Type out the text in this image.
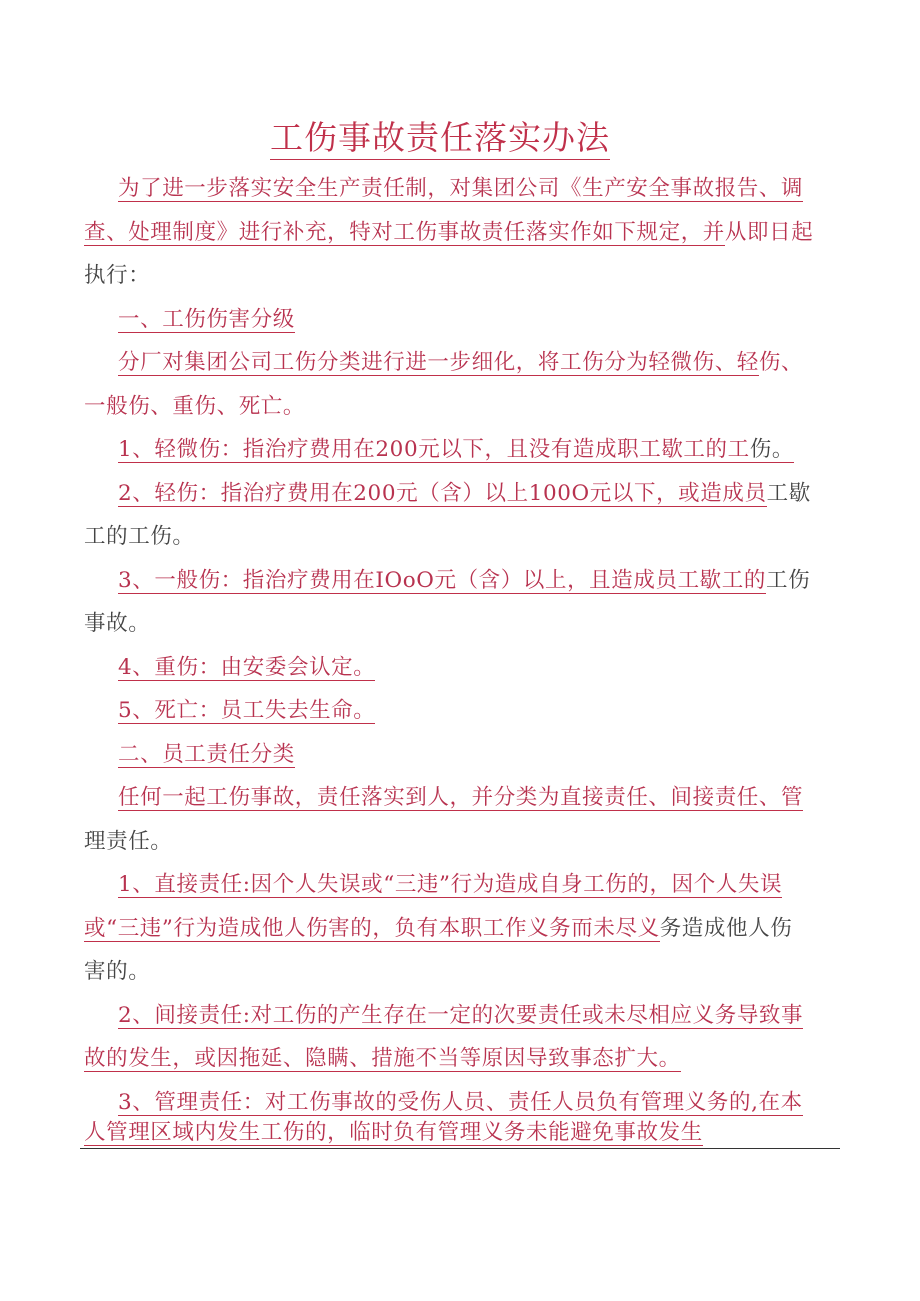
工伤事故责任落实办法
为了进一步落实安全生产责任制，对集团公司《生产安全事故报告、调
查、处理制度》进行补充，特对工伤事故责任落实作如下规定，并从即日起
执行：
一、工伤伤害分级
分厂对集团公司工伤分类进行进一步细化，将工伤分为轻微伤、轻伤、
一般伤、重伤、死亡。
1、轻微伤：指治疗费用在200元以下，且没有造成职工歇工的工伤。
2、轻伤：指治疗费用在200元（含）以上100O元以下，或造成员工歇
工的工伤。
3、一般伤：指治疗费用在IOoO元（含）以上，且造成员工歇工的工伤
事故。
4、重伤：由安委会认定。
5、死亡：员工失去生命。
二、员工责任分类
任何一起工伤事故，责任落实到人，并分类为直接责任、间接责任、管
理责任。
1、直接责任:因个人失误或“三违”行为造成自身工伤的，因个人失误
或“三违”行为造成他人伤害的，负有本职工作义务而未尽义务造成他人伤
害的。
2、间接责任:对工伤的产生存在一定的次要责任或未尽相应义务导致事
故的发生，或因拖延、隐瞒、措施不当等原因导致事态扩大。
3、管理责任：对工伤事故的受伤人员、责任人员负有管理义务的,在本
人管理区域内发生工伤的，临时负有管理义务未能避免事故发生
